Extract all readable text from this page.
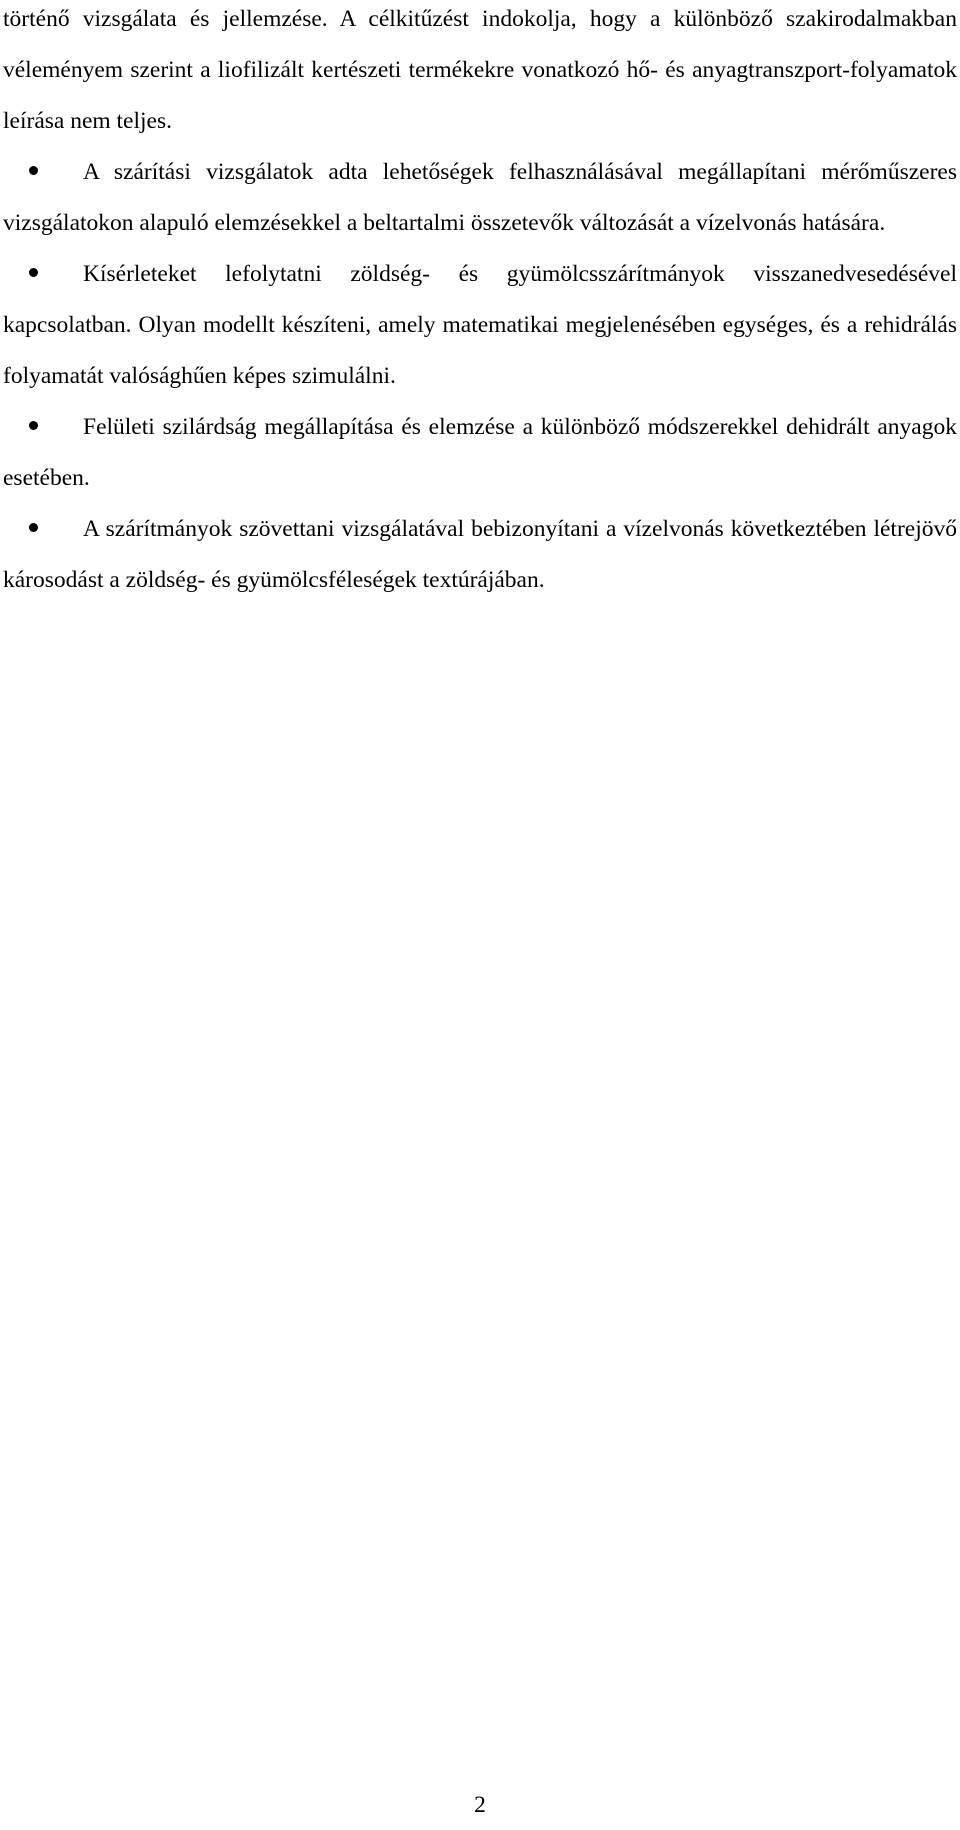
történő vizsgálata és jellemzése. A célkitűzést indokolja, hogy a különböző szakirodalmakban véleményem szerint a liofilizált kertészeti termékekre vonatkozó hő- és anyagtranszport-folyamatok leírása nem teljes.

A szárítási vizsgálatok adta lehetőségek felhasználásával megállapítani mérőműszeres vizsgálatokon alapuló elemzésekkel a beltartalmi összetevők változását a vízelvonás hatására.

Kísérleteket lefolytatni zöldség- és gyümölcsszárítmányok visszanedvesedésével kapcsolatban. Olyan modellt készíteni, amely matematikai megjelenésében egységes, és a rehidrálás folyamatát valósághűen képes szimulálni.

Felületi szilárdság megállapítása és elemzése a különböző módszerekkel dehidrált anyagok esetében.

A szárítmányok szövettani vizsgálatával bebizonyítani a vízelvonás következtében létrejövő károsodást a zöldség- és gyümölcsféleségek textúrájában.

2
